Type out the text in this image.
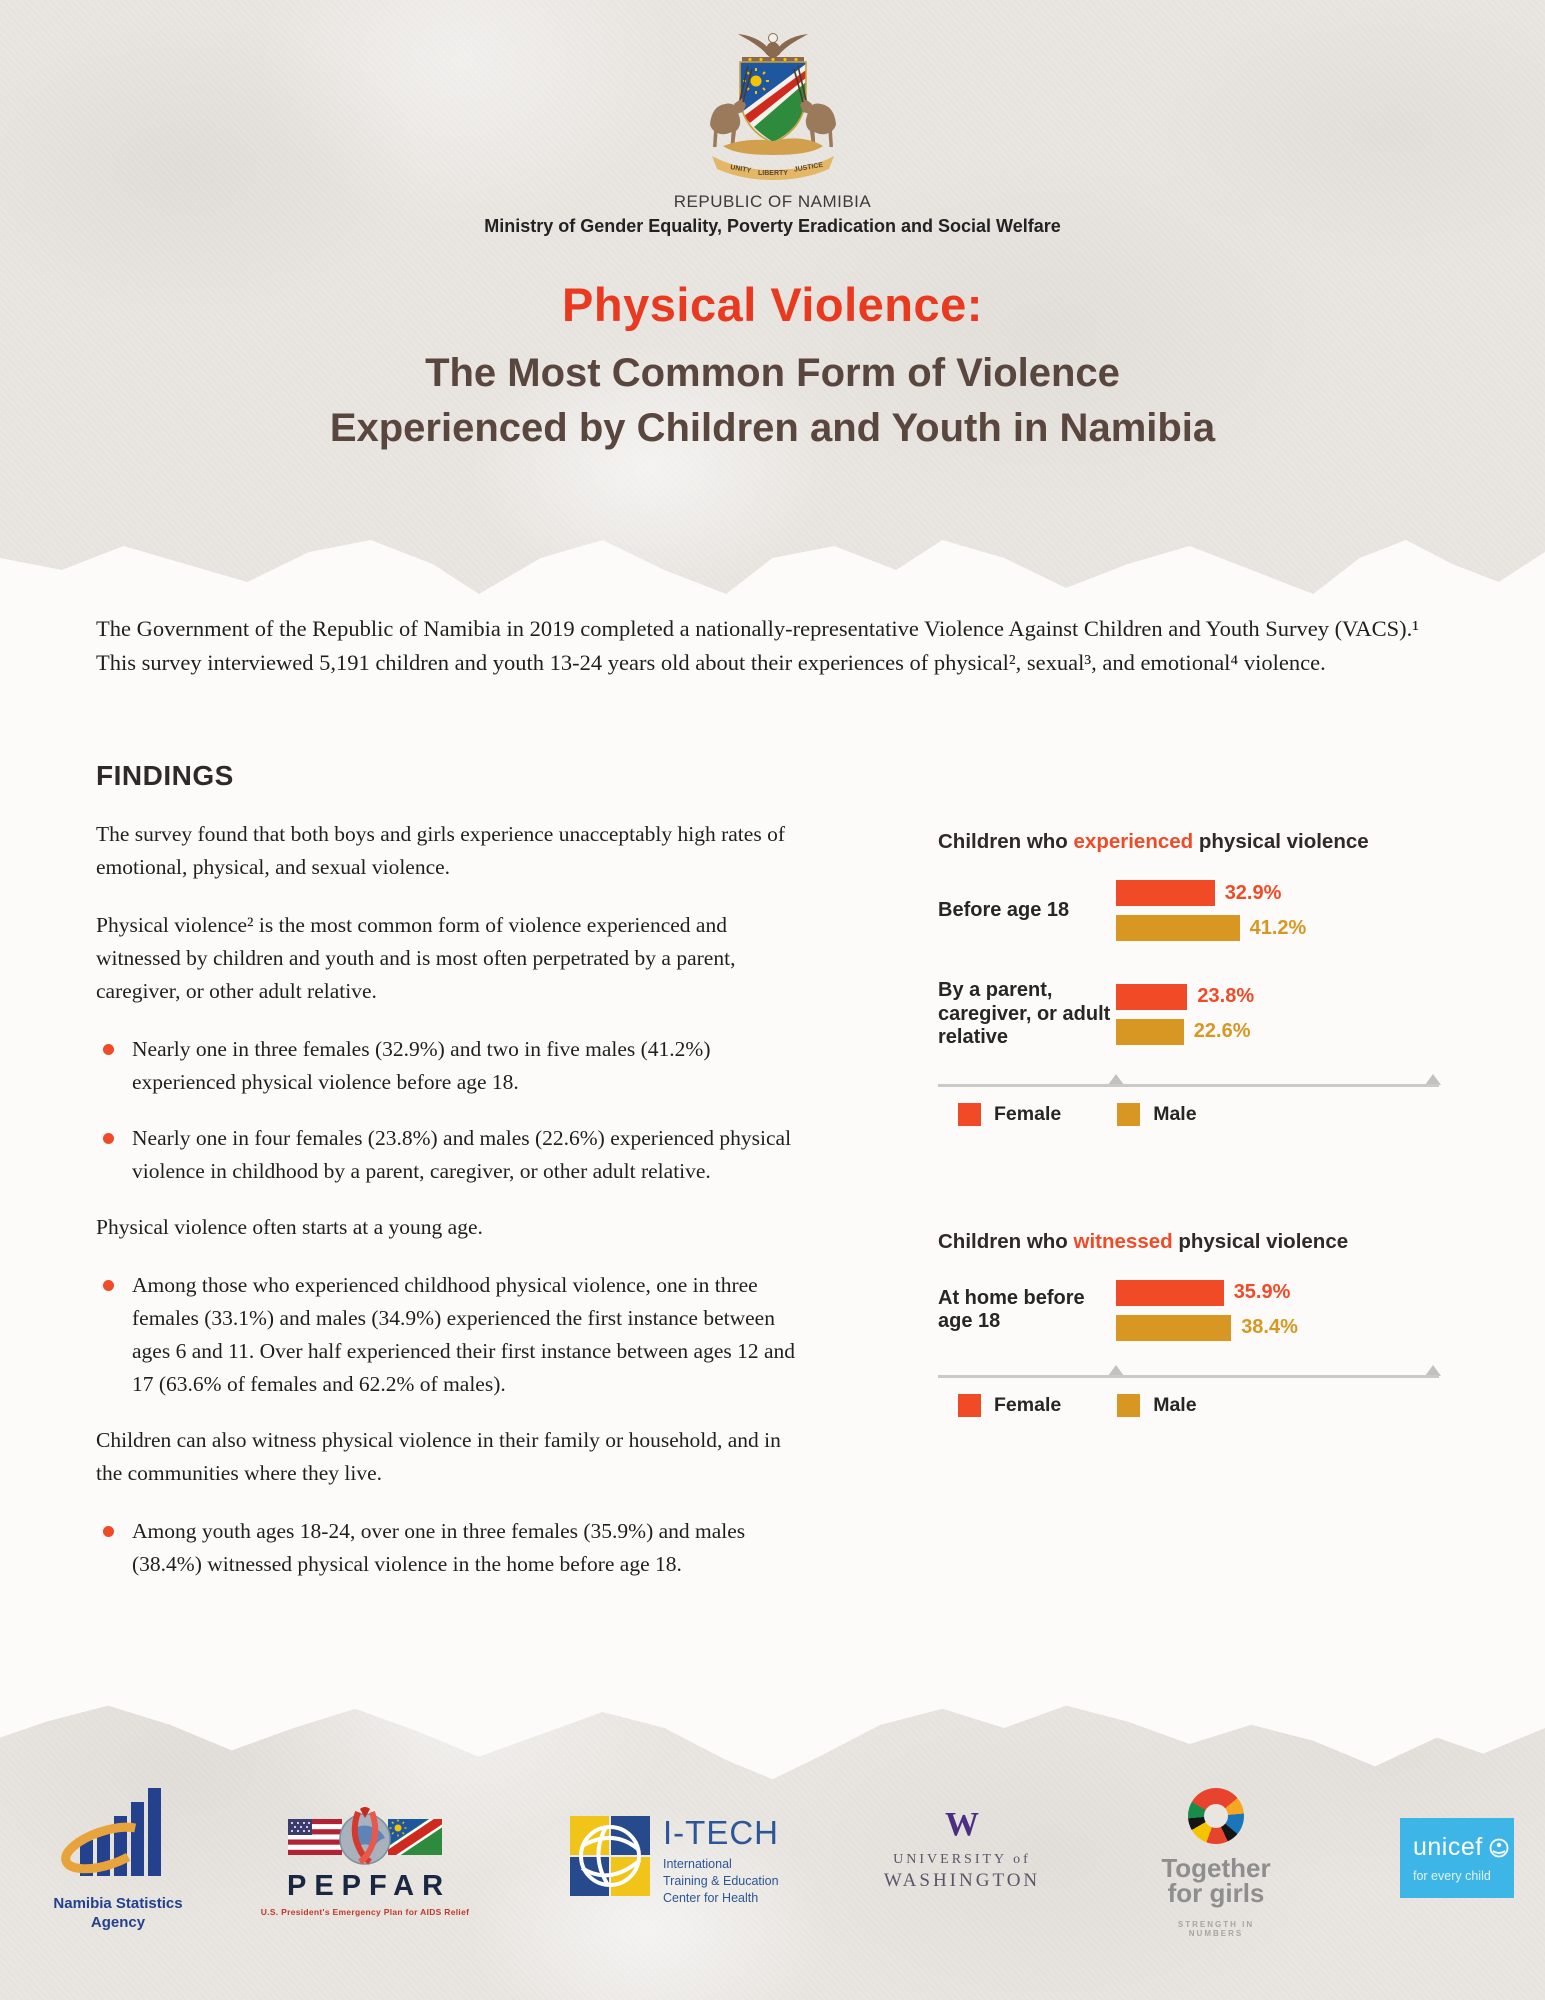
UNITY LIBERTY JUSTICE
REPUBLIC OF NAMIBIA
Ministry of Gender Equality, Poverty Eradication and Social Welfare
Physical Violence:
The Most Common Form of Violence
Experienced by Children and Youth in Namibia

The Government of the Republic of Namibia in 2019 completed a nationally-representative Violence Against Children and Youth Survey (VACS).¹ This survey interviewed 5,191 children and youth 13-24 years old about their experiences of physical², sexual³, and emotional⁴ violence.

FINDINGS

The survey found that both boys and girls experience unacceptably high rates of emotional, physical, and sexual violence.

Physical violence² is the most common form of violence experienced and witnessed by children and youth and is most often perpetrated by a parent, caregiver, or other adult relative.

Nearly one in three females (32.9%) and two in five males (41.2%) experienced physical violence before age 18.
Nearly one in four females (23.8%) and males (22.6%) experienced physical violence in childhood by a parent, caregiver, or other adult relative.

Physical violence often starts at a young age.

Among those who experienced childhood physical violence, one in three females (33.1%) and males (34.9%) experienced the first instance between ages 6 and 11. Over half experienced their first instance between ages 12 and 17 (63.6% of females and 62.2% of males).

Children can also witness physical violence in their family or household, and in the communities where they live.

Among youth ages 18-24, over one in three females (35.9%) and males (38.4%) witnessed physical violence in the home before age 18.
Children who experienced physical violence
Before age 18
32.9%
41.2%
By a parent, caregiver, or adult relative
23.8%
22.6%
Female	Male
Children who witnessed physical violence
At home before age 18
35.9%
38.4%
Female	Male
Namibia Statistics Agency
PEPFAR
U.S. President's Emergency Plan for AIDS Relief
I-TECH
International
Training & Education
Center for Health
W
UNIVERSITY of
WASHINGTON	Together
for girls
STRENGTH IN NUMBERS
unicef
for every child
